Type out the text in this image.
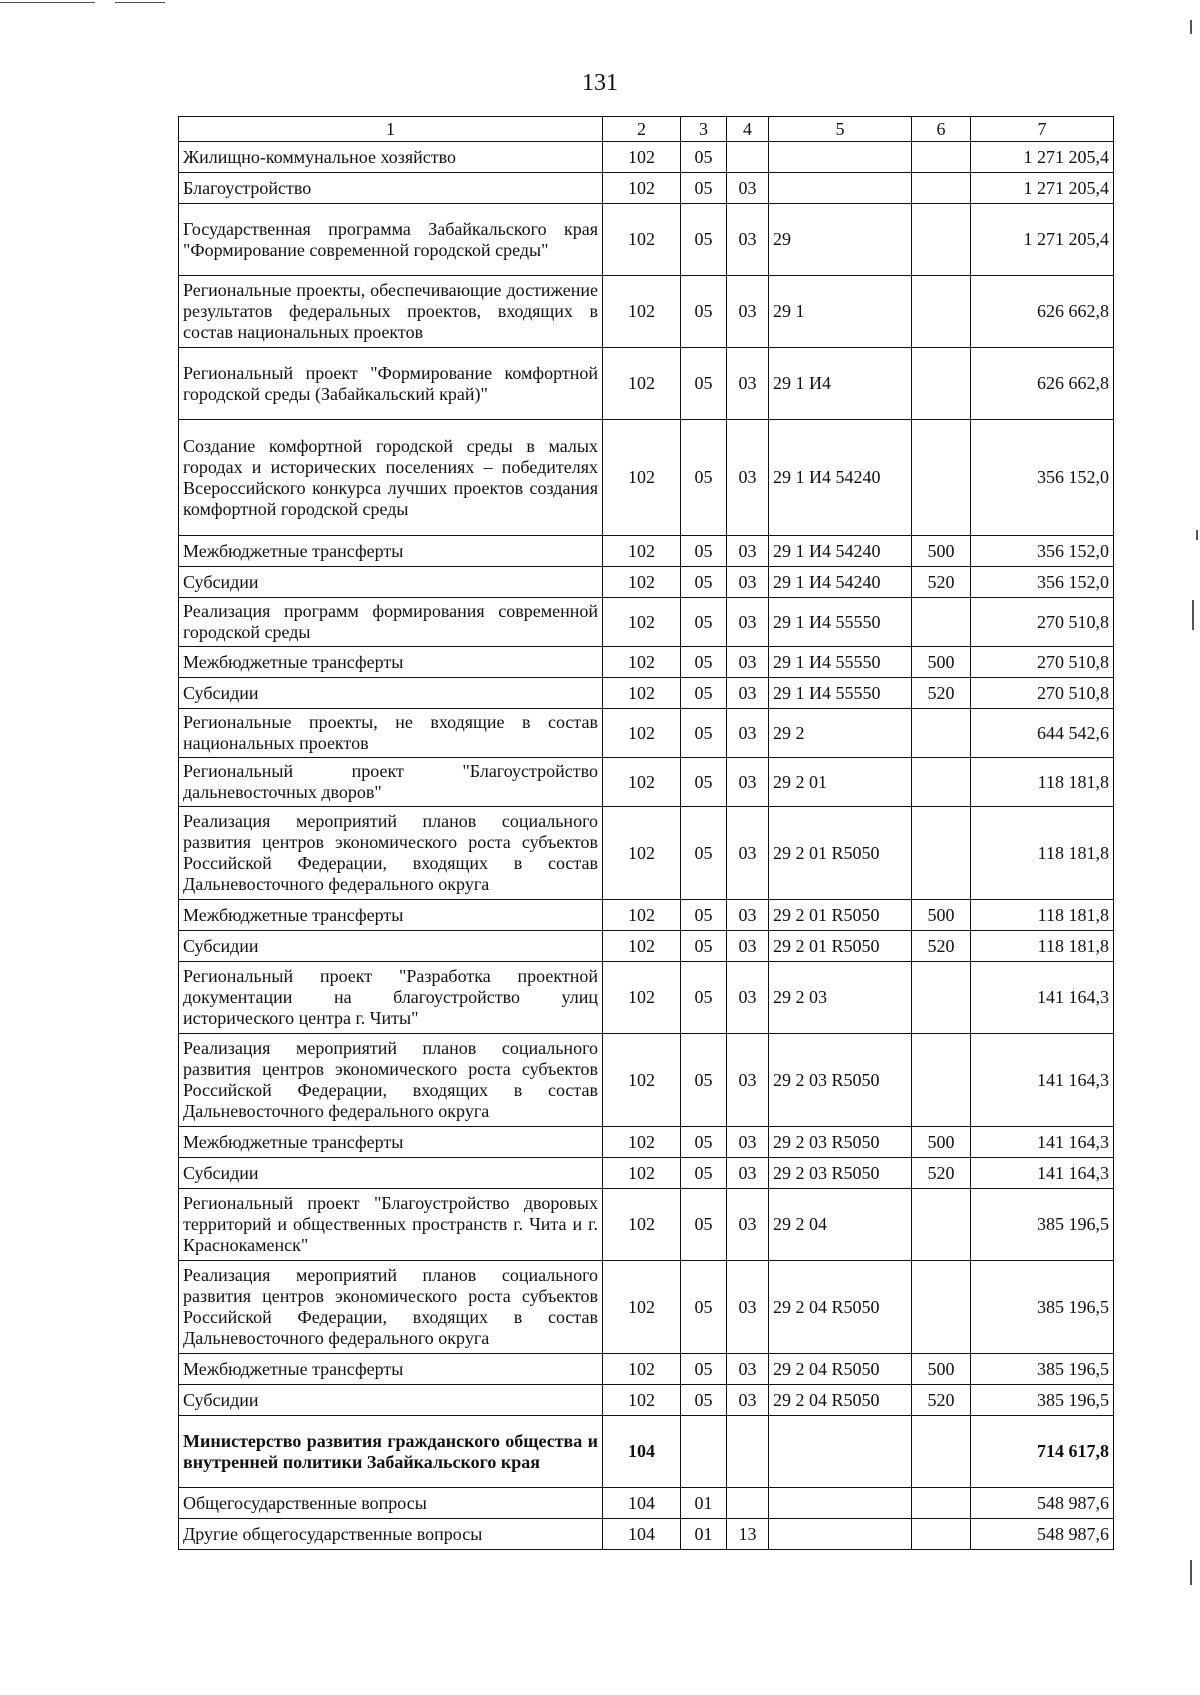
131
1	2	3	4	5	6	7
Жилищно-коммунальное хозяйство	102	05				1 271 205,4
Благоустройство	102	05	03			1 271 205,4
Государственная программа Забайкальского края "Формирование современной городской среды"	102	05	03	29		1 271 205,4
Региональные проекты, обеспечивающие достижение результатов федеральных проектов, входящих в состав национальных проектов	102	05	03	29 1		626 662,8
Региональный проект "Формирование комфортной городской среды (Забайкальский край)"	102	05	03	29 1 И4		626 662,8
Создание комфортной городской среды в малых городах и исторических поселениях – победителях Всероссийского конкурса лучших проектов создания комфортной городской среды	102	05	03	29 1 И4 54240		356 152,0
Межбюджетные трансферты	102	05	03	29 1 И4 54240	500	356 152,0
Субсидии	102	05	03	29 1 И4 54240	520	356 152,0
Реализация программ формирования современной городской среды	102	05	03	29 1 И4 55550		270 510,8
Межбюджетные трансферты	102	05	03	29 1 И4 55550	500	270 510,8
Субсидии	102	05	03	29 1 И4 55550	520	270 510,8
Региональные проекты, не входящие в состав национальных проектов	102	05	03	29 2		644 542,6
Региональный проект "Благоустройство дальневосточных дворов"	102	05	03	29 2 01		118 181,8
Реализация мероприятий планов социального развития центров экономического роста субъектов Российской Федерации, входящих в состав Дальневосточного федерального округа	102	05	03	29 2 01 R5050		118 181,8
Межбюджетные трансферты	102	05	03	29 2 01 R5050	500	118 181,8
Субсидии	102	05	03	29 2 01 R5050	520	118 181,8
Региональный проект "Разработка проектной документации на благоустройство улиц исторического центра г. Читы"	102	05	03	29 2 03		141 164,3
Реализация мероприятий планов социального развития центров экономического роста субъектов Российской Федерации, входящих в состав Дальневосточного федерального округа	102	05	03	29 2 03 R5050		141 164,3
Межбюджетные трансферты	102	05	03	29 2 03 R5050	500	141 164,3
Субсидии	102	05	03	29 2 03 R5050	520	141 164,3
Региональный проект "Благоустройство дворовых территорий и общественных пространств г. Чита и г. Краснокаменск"	102	05	03	29 2 04		385 196,5
Реализация мероприятий планов социального развития центров экономического роста субъектов Российской Федерации, входящих в состав Дальневосточного федерального округа	102	05	03	29 2 04 R5050		385 196,5
Межбюджетные трансферты	102	05	03	29 2 04 R5050	500	385 196,5
Субсидии	102	05	03	29 2 04 R5050	520	385 196,5
Министерство развития гражданского общества и внутренней политики Забайкальского края	104					714 617,8
Общегосударственные вопросы	104	01				548 987,6
Другие общегосударственные вопросы	104	01	13			548 987,6
